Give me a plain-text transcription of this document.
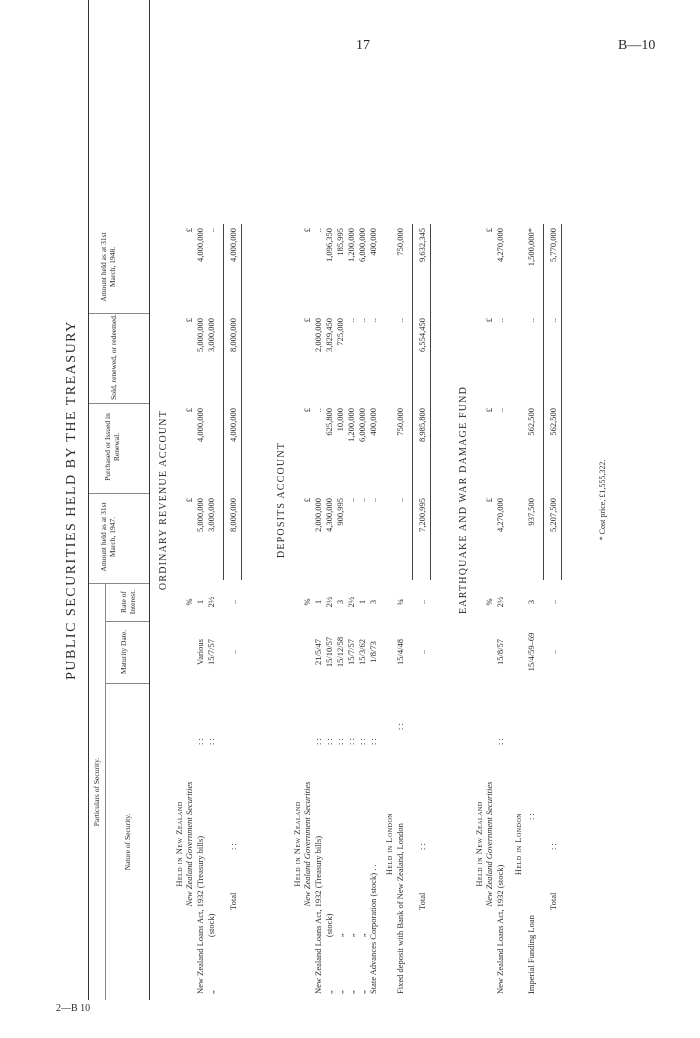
17	B—10
2—B 10
PUBLIC SECURITIES HELD BY THE TREASURY
Particulars of Security.
Nature of Security.
Maturity Date.
Rate of Interest.
Amount held as at 31st March, 1947.
Purchased or Issued in Renewal.
Sold, renewed, or redeemed.
Amount held as at 31st March, 1948.
ORDINARY REVENUE ACCOUNT
Held in New Zealand New Zealand Government Securities
%
£
£
£
£
New Zealand Loans Act, 1932 (Treasury bills)
: :
Various
1
5,000,000
4,000,000
5,000,000
4,000,000
„                         (stock)
: :
15/7/57
2½
3,000,000
3,000,000
..
Total
: :
..
..
8,000,000
4,000,000
8,000,000
4,000,000
DEPOSITS ACCOUNT
Held in New Zealand New Zealand Government Securities
%
£
£
£
£
New Zealand Loans Act, 1932 (Treasury bills)
: :
21/5/47
1
2,000,000
..
2,000,000
..
„                         (stock)
: :
15/10/57
2½
4,300,000
625,800
3,829,450
1,096,350
„                         „
: :
15/12/58
3
900,995
10,000
725,000
185,995
„                         „
: :
15/7/57
2½
..
1,200,000
..
1,200,000
„                         „
: :
15/3/62
1
..
6,000,000
..
6,000,000
State Advances Corporation (stock) . .
: :
1/8/73
3
..
400,000
..
400,000
Held in London Fixed deposit with Bank of New Zealand, London
: :
15/4/48
¾
..
750,000
..
750,000
Total
: :
..
..
7,200,995
8,985,800
6,554,450
9,632,345
EARTHQUAKE AND WAR DAMAGE FUND
Held in New Zealand New Zealand Government Securities
%
£
£
£
£
New Zealand Loans Act, 1932 (stock)
: :
15/8/57
2½
4,270,000
..
..
4,270,000
Held in London
Imperial Funding Loan
: :
15/4/59–69
3
937,500
562,500
..
1,500,000*
Total
: :
..
..
5,207,500
562,500
..
5,770,000
* Cost price, £1,555,322.
